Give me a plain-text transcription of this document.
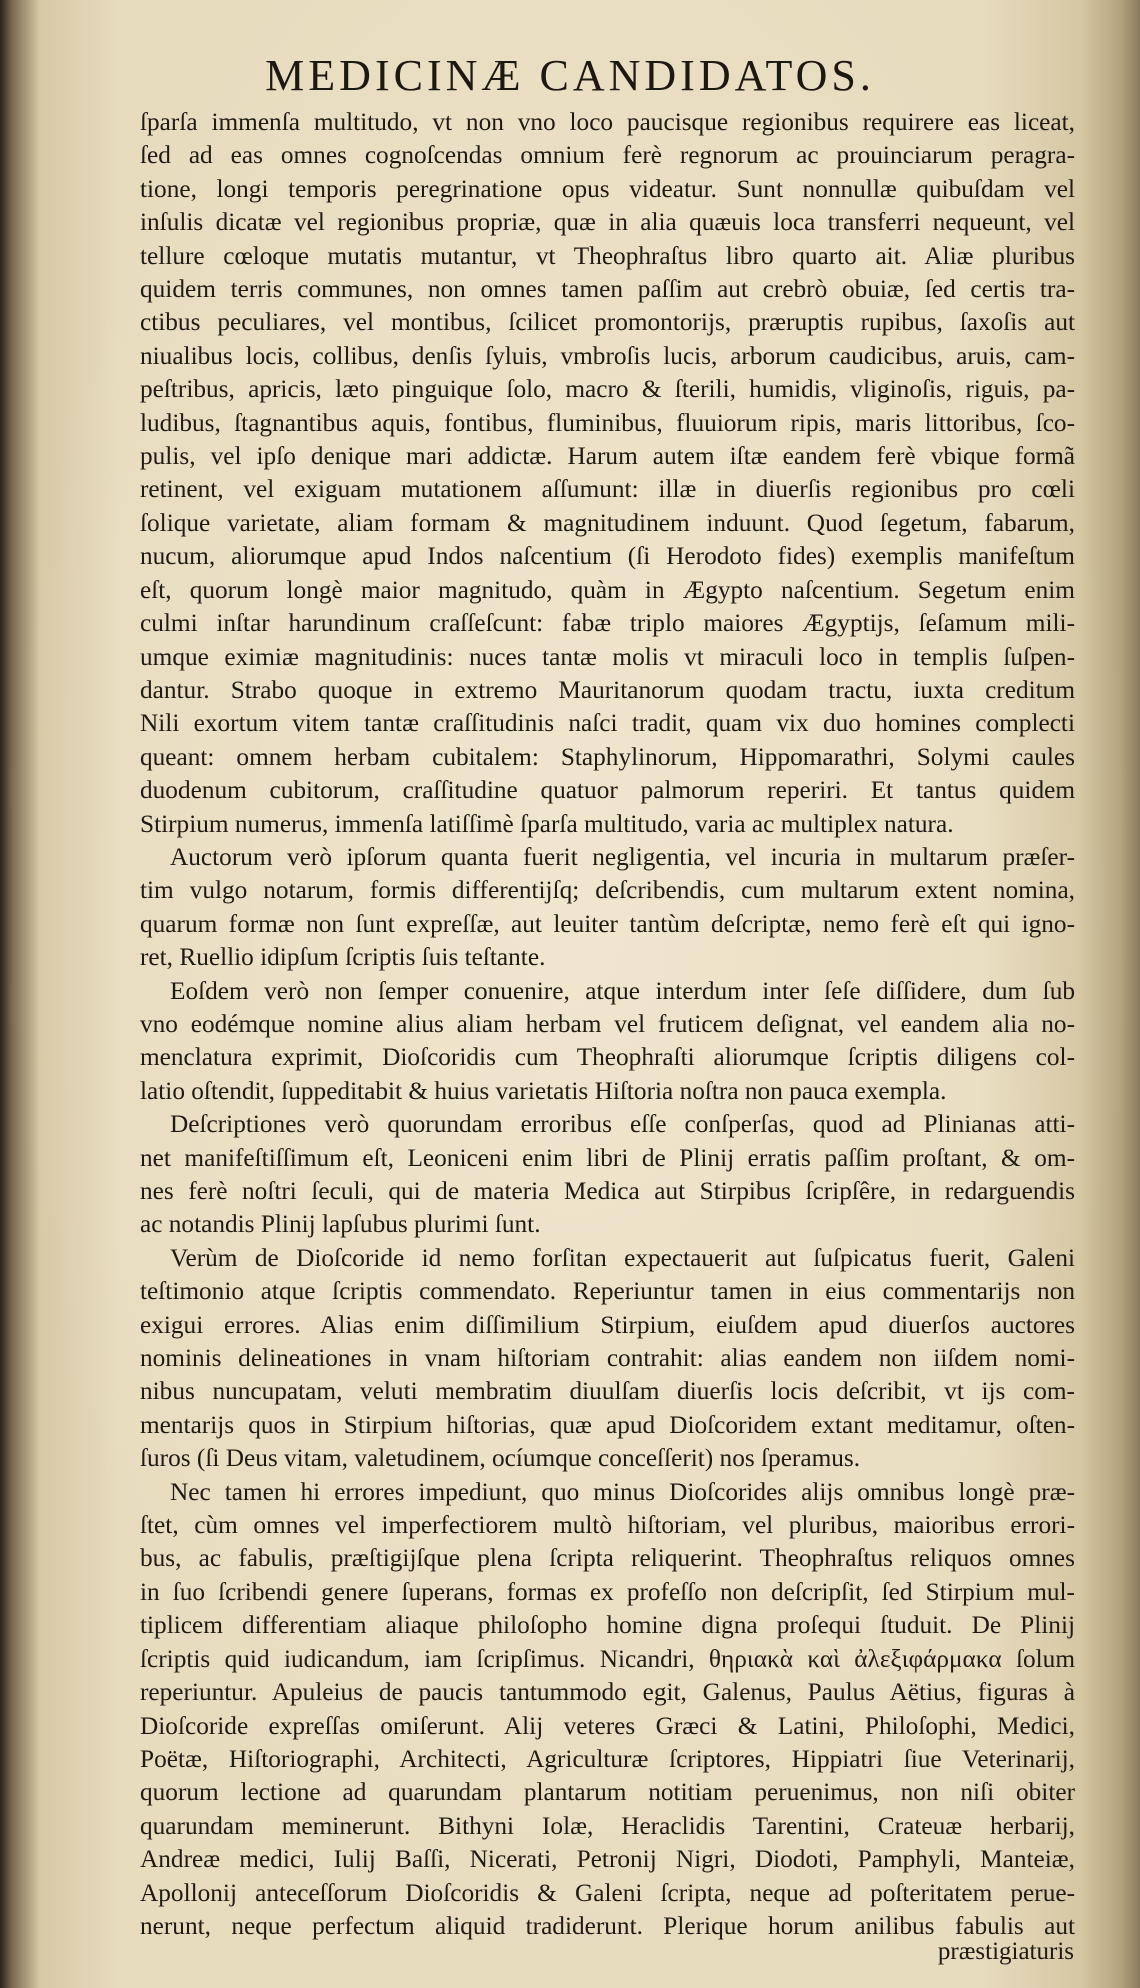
MEDICINÆ CANDIDATOS.
ſparſa immenſa multitudo, vt non vno loco paucisque regionibus requirere eas liceat,
ſed ad eas omnes cognoſcendas omnium ferè regnorum ac prouinciarum peragra-
tione, longi temporis peregrinatione opus videatur. Sunt nonnullæ quibuſdam vel
inſulis dicatæ vel regionibus propriæ, quæ in alia quæuis loca transferri nequeunt, vel
tellure cœloque mutatis mutantur, vt Theophraſtus libro quarto ait. Aliæ pluribus
quidem terris communes, non omnes tamen paſſim aut crebrò obuiæ, ſed certis tra-
ctibus peculiares, vel montibus, ſcilicet promontorijs, præruptis rupibus, ſaxoſis aut
niualibus locis, collibus, denſis ſyluis, vmbroſis lucis, arborum caudicibus, aruis, cam-
peſtribus, apricis, læto pinguique ſolo, macro & ſterili, humidis, vliginoſis, riguis, pa-
ludibus, ſtagnantibus aquis, fontibus, fluminibus, fluuiorum ripis, maris littoribus, ſco-
pulis, vel ipſo denique mari addictæ. Harum autem iſtæ eandem ferè vbique formã
retinent, vel exiguam mutationem aſſumunt: illæ in diuerſis regionibus pro cœli
ſolique varietate, aliam formam & magnitudinem induunt. Quod ſegetum, fabarum,
nucum, aliorumque apud Indos naſcentium (ſi Herodoto fides) exemplis manifeſtum
eſt, quorum longè maior magnitudo, quàm in Ægypto naſcentium. Segetum enim
culmi inſtar harundinum craſſeſcunt: fabæ triplo maiores Ægyptijs, ſeſamum mili-
umque eximiæ magnitudinis: nuces tantæ molis vt miraculi loco in templis ſuſpen-
dantur. Strabo quoque in extremo Mauritanorum quodam tractu, iuxta creditum
Nili exortum vitem tantæ craſſitudinis naſci tradit, quam vix duo homines complecti
queant: omnem herbam cubitalem: Staphylinorum, Hippomarathri, Solymi caules
duodenum cubitorum, craſſitudine quatuor palmorum reperiri. Et tantus quidem
Stirpium numerus, immenſa latiſſimè ſparſa multitudo, varia ac multiplex natura.
Auctorum verò ipſorum quanta fuerit negligentia, vel incuria in multarum præſer-
tim vulgo notarum, formis differentijſq; deſcribendis, cum multarum extent nomina,
quarum formæ non ſunt expreſſæ, aut leuiter tantùm deſcriptæ, nemo ferè eſt qui igno-
ret, Ruellio idipſum ſcriptis ſuis teſtante.
Eoſdem verò non ſemper conuenire, atque interdum inter ſeſe diſſidere, dum ſub
vno eodémque nomine alius aliam herbam vel fruticem deſignat, vel eandem alia no-
menclatura exprimit, Dioſcoridis cum Theophraſti aliorumque ſcriptis diligens col-
latio oſtendit, ſuppeditabit & huius varietatis Hiſtoria noſtra non pauca exempla.
Deſcriptiones verò quorundam erroribus eſſe conſperſas, quod ad Plinianas atti-
net manifeſtiſſimum eſt, Leoniceni enim libri de Plinij erratis paſſim proſtant, & om-
nes ferè noſtri ſeculi, qui de materia Medica aut Stirpibus ſcripſêre, in redarguendis
ac notandis Plinij lapſubus plurimi ſunt.
Verùm de Dioſcoride id nemo forſitan expectauerit aut ſuſpicatus fuerit, Galeni
teſtimonio atque ſcriptis commendato. Reperiuntur tamen in eius commentarijs non
exigui errores. Alias enim diſſimilium Stirpium, eiuſdem apud diuerſos auctores
nominis delineationes in vnam hiſtoriam contrahit: alias eandem non iiſdem nomi-
nibus nuncupatam, veluti membratim diuulſam diuerſis locis deſcribit, vt ijs com-
mentarijs quos in Stirpium hiſtorias, quæ apud Dioſcoridem extant meditamur, oſten-
ſuros (ſi Deus vitam, valetudinem, ocíumque conceſſerit) nos ſperamus.
Nec tamen hi errores impediunt, quo minus Dioſcorides alijs omnibus longè præ-
ſtet, cùm omnes vel imperfectiorem multò hiſtoriam, vel pluribus, maioribus errori-
bus, ac fabulis, præſtigijſque plena ſcripta reliquerint. Theophraſtus reliquos omnes
in ſuo ſcribendi genere ſuperans, formas ex profeſſo non deſcripſit, ſed Stirpium mul-
tiplicem differentiam aliaque philoſopho homine digna proſequi ſtuduit. De Plinij
ſcriptis quid iudicandum, iam ſcripſimus. Nicandri, θηριακὰ καὶ ἀλεξιφάρμακα ſolum
reperiuntur. Apuleius de paucis tantummodo egit, Galenus, Paulus Aëtius, figuras à
Dioſcoride expreſſas omiſerunt. Alij veteres Græci & Latini, Philoſophi, Medici,
Poëtæ, Hiſtoriographi, Architecti, Agriculturæ ſcriptores, Hippiatri ſiue Veterinarij,
quorum lectione ad quarundam plantarum notitiam peruenimus, non niſi obiter
quarundam meminerunt. Bithyni Iolæ, Heraclidis Tarentini, Crateuæ herbarij,
Andreæ medici, Iulij Baſſi, Nicerati, Petronij Nigri, Diodoti, Pamphyli, Manteiæ,
Apollonij anteceſſorum Dioſcoridis & Galeni ſcripta, neque ad poſteritatem perue-
nerunt, neque perfectum aliquid tradiderunt. Plerique horum anilibus fabulis aut
præstigiaturis
